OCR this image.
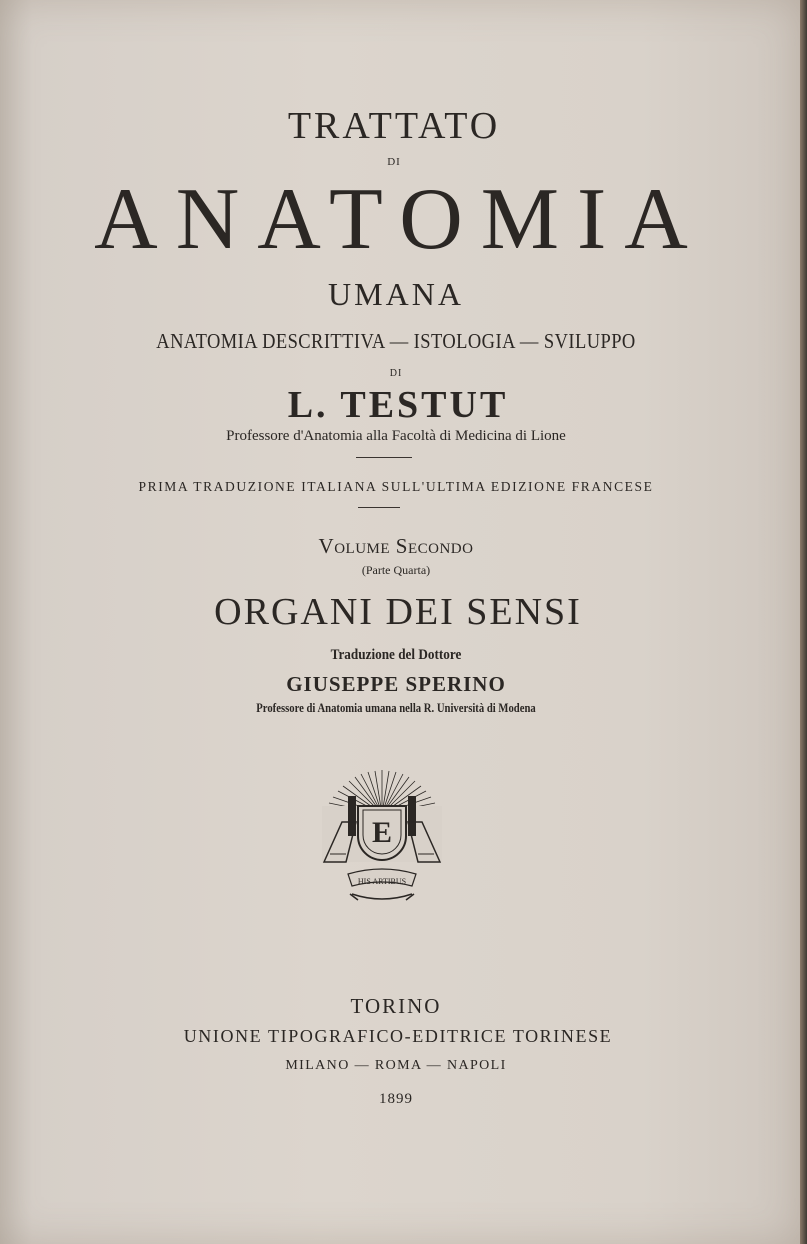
TRATTATO
DI
ANATOMIA
UMANA
ANATOMIA DESCRITTIVA — ISTOLOGIA — SVILUPPO
DI
L. TESTUT
Professore d'Anatomia alla Facoltà di Medicina di Lione
PRIMA TRADUZIONE ITALIANA SULL'ULTIMA EDIZIONE FRANCESE
Volume Secondo
(Parte Quarta)
ORGANI DEI SENSI
Traduzione del Dottore
GIUSEPPE SPERINO
Professore di Anatomia umana nella R. Università di Modena
E
HIS ARTIBUS
TORINO
UNIONE TIPOGRAFICO-EDITRICE TORINESE
MILANO — ROMA — NAPOLI
1899
